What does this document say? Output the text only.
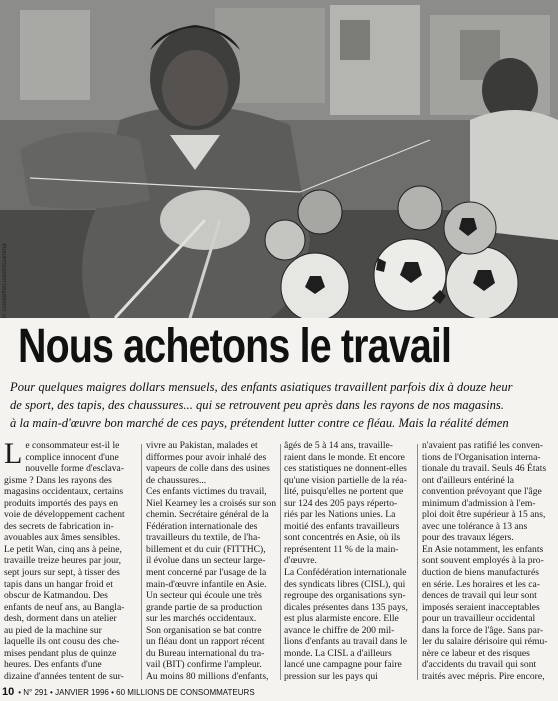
P. Gonsette/Liaison/Gamma
Nous achetons le travail
Pour quelques maigres dollars mensuels, des enfants asiatiques travaillent parfois dix à douze heur
de sport, des tapis, des chaussures... qui se retrouvent peu après dans les rayons de nos magasins.
à la main-d'œuvre bon marché de ces pays, prétendent lutter contre ce fléau. Mais la réalité démen
L e consommateur est-il le
complice innocent d'une
nouvelle forme d'esclava-
gisme ? Dans les rayons des
magasins occidentaux, certains
produits importés des pays en
voie de développement cachent
des secrets de fabrication in-
avouables aux âmes sensibles.
Le petit Wan, cinq ans à peine,
travaille treize heures par jour,
sept jours sur sept, à tisser des
tapis dans un hangar froid et
obscur de Katmandou. Des
enfants de neuf ans, au Bangla-
desh, dorment dans un atelier
au pied de la machine sur
laquelle ils ont cousu des che-
mises pendant plus de quinze
heures. Des enfants d'une
dizaine d'années tentent de sur-
vivre au Pakistan, malades et
difformes pour avoir inhalé des
vapeurs de colle dans des usines
de chaussures...
Ces enfants victimes du travail,
Niel Kearney les a croisés sur son
chemin. Secrétaire général de la
Fédération internationale des
travailleurs du textile, de l'ha-
billement et du cuir (FITTHC),
il évolue dans un secteur large-
ment concerné par l'usage de la
main-d'œuvre infantile en Asie.
Un secteur qui écoule une très
grande partie de sa production
sur les marchés occidentaux.
Son organisation se bat contre
un fléau dont un rapport récent
du Bureau international du tra-
vail (BIT) confirme l'ampleur.
Au moins 80 millions d'enfants,
âgés de 5 à 14 ans, travaille-
raient dans le monde. Et encore
ces statistiques ne donnent-elles
qu'une vision partielle de la réa-
lité, puisqu'elles ne portent que
sur 124 des 205 pays réperto-
riés par les Nations unies. La
moitié des enfants travailleurs
sont concentrés en Asie, où ils
représentent 11 % de la main-
d'œuvre.
La Confédération internationale
des syndicats libres (CISL), qui
regroupe des organisations syn-
dicales présentes dans 135 pays,
est plus alarmiste encore. Elle
avance le chiffre de 200 mil-
lions d'enfants au travail dans le
monde. La CISL a d'ailleurs
lancé une campagne pour faire
pression sur les pays qui
n'avaient pas ratifié les conven-
tions de l'Organisation interna-
tionale du travail. Seuls 46 États
ont d'ailleurs entériné la
convention prévoyant que l'âge
minimum d'admission à l'em-
ploi doit être supérieur à 15 ans,
avec une tolérance à 13 ans
pour des travaux légers.
En Asie notamment, les enfants
sont souvent employés à la pro-
duction de biens manufacturés
en série. Les horaires et les ca-
dences de travail qui leur sont
imposés seraient inacceptables
pour un travailleur occidental
dans la force de l'âge. Sans par-
ler du salaire dérisoire qui rému-
nère ce labeur et des risques
d'accidents du travail qui sont
traités avec mépris. Pire encore,
10 • N° 291 • JANVIER 1996 • 60 MILLIONS DE CONSOMMATEURS
